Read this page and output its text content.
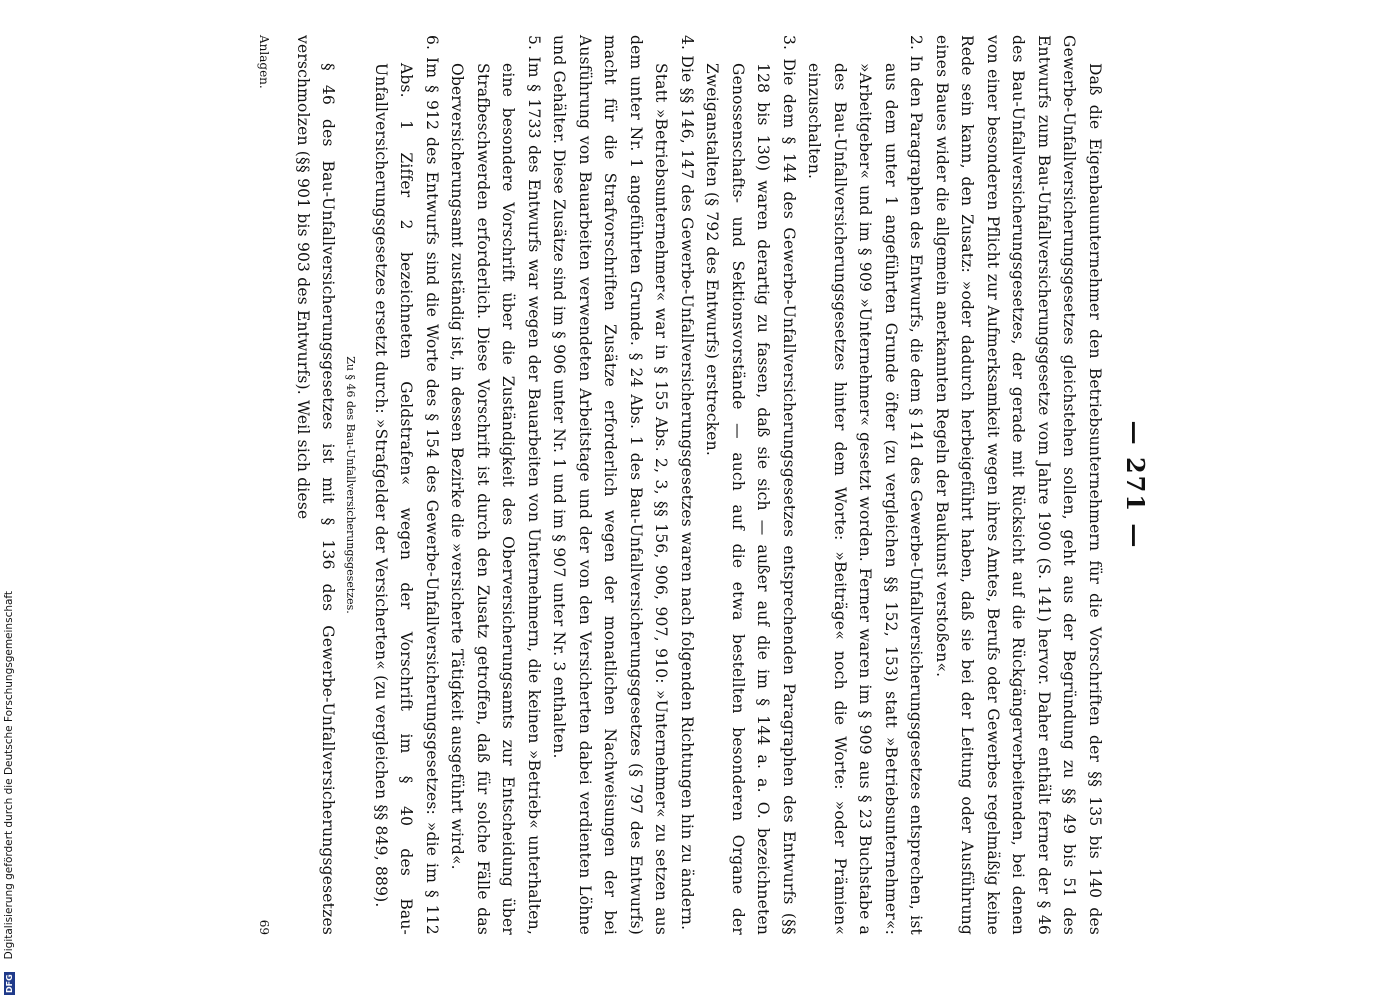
— 271 —

Daß die Eigenbauunternehmer den Betriebsunternehmern für die Vorschriften der §§ 135 bis 140 des Gewerbe-Unfallversicherungsgesetzes gleichstehen sollen, geht aus der Begründung zu §§ 49 bis 51 des Entwurfs zum Bau-Unfallversicherungsgesetze vom Jahre 1900 (S. 141) hervor. Daher enthält ferner der § 46 des Bau-Unfallversicherungsgesetzes, der gerade mit Rücksicht auf die Rückgängerverbeitenden, bei denen von einer besonderen Pflicht zur Aufmerksamkeit wegen ihres Amtes, Berufs oder Gewerbes regelmäßig keine Rede sein kann, den Zusatz: »oder dadurch herbeigeführt haben, daß sie bei der Leitung oder Ausführung eines Baues wider die allgemein anerkannten Regeln der Baukunst verstoßen«.

2. In den Paragraphen des Entwurfs, die dem § 141 des Gewerbe-Unfallversicherungsgesetzes entsprechen, ist aus dem unter 1 angeführten Grunde öfter (zu vergleichen §§ 152, 153) statt »Betriebsunternehmer«: »Arbeitgeber« und im § 909 »Unternehmer« gesetzt worden. Ferner waren im § 909 aus § 23 Buchstabe a des Bau-Unfallversicherungsgesetzes hinter dem Worte: »Beiträge« noch die Worte: »oder Prämien« einzuschalten.

3. Die dem § 144 des Gewerbe-Unfallversicherungsgesetzes entsprechenden Paragraphen des Entwurfs (§§ 128 bis 130) waren derartig zu fassen, daß sie sich — außer auf die im § 144 a. a. O. bezeichneten Genossenschafts- und Sektionsvorstände — auch auf die etwa bestellten besonderen Organe der Zweiganstalten (§ 792 des Entwurfs) erstrecken.

4. Die §§ 146, 147 des Gewerbe-Unfallversicherungsgesetzes waren nach folgenden Richtungen hin zu ändern.

Statt »Betriebsunternehmer« war in § 155 Abs. 2, 3, §§ 156, 906, 907, 910: »Unternehmer« zu setzen aus dem unter Nr. 1 angeführten Grunde. § 24 Abs. 1 des Bau-Unfallversicherungsgesetzes (§ 797 des Entwurfs) macht für die Strafvorschriften Zusätze erforderlich wegen der monatlichen Nachweisungen der bei Ausführung von Bauarbeiten verwendeten Arbeitstage und der von den Versicherten dabei verdienten Löhne und Gehälter. Diese Zusätze sind im § 906 unter Nr. 1 und im § 907 unter Nr. 3 enthalten.

5. Im § 1733 des Entwurfs war wegen der Bauarbeiten von Unternehmern, die keinen »Betrieb« unterhalten, eine besondere Vorschrift über die Zuständigkeit des Oberversicherungsamts zur Entscheidung über Strafbeschwerden erforderlich. Diese Vorschrift ist durch den Zusatz getroffen, daß für solche Fälle das Oberversicherungsamt zuständig ist, in dessen Bezirke die »versicherte Tätigkeit ausgeführt wird«.

6. Im § 912 des Entwurfs sind die Worte des § 154 des Gewerbe-Unfallversicherungsgesetzes: »die im § 112 Abs. 1 Ziffer 2 bezeichneten Geldstrafen« wegen der Vorschrift im § 40 des Bau-Unfallversicherungsgesetzes ersetzt durch: »Strafgelder der Versicherten« (zu vergleichen §§ 849, 889).

Zu § 46 des Bau-Unfallversicherungsgesetzes.

§ 46 des Bau-Unfallversicherungsgesetzes ist mit § 136 des Gewerbe-Unfallversicherungsgesetzes verschmolzen (§§ 901 bis 903 des Entwurfs). Weil sich diese

Anlagen.
69
DFG
Digitalisierung gefördert durch die Deutsche Forschungsgemeinschaft
